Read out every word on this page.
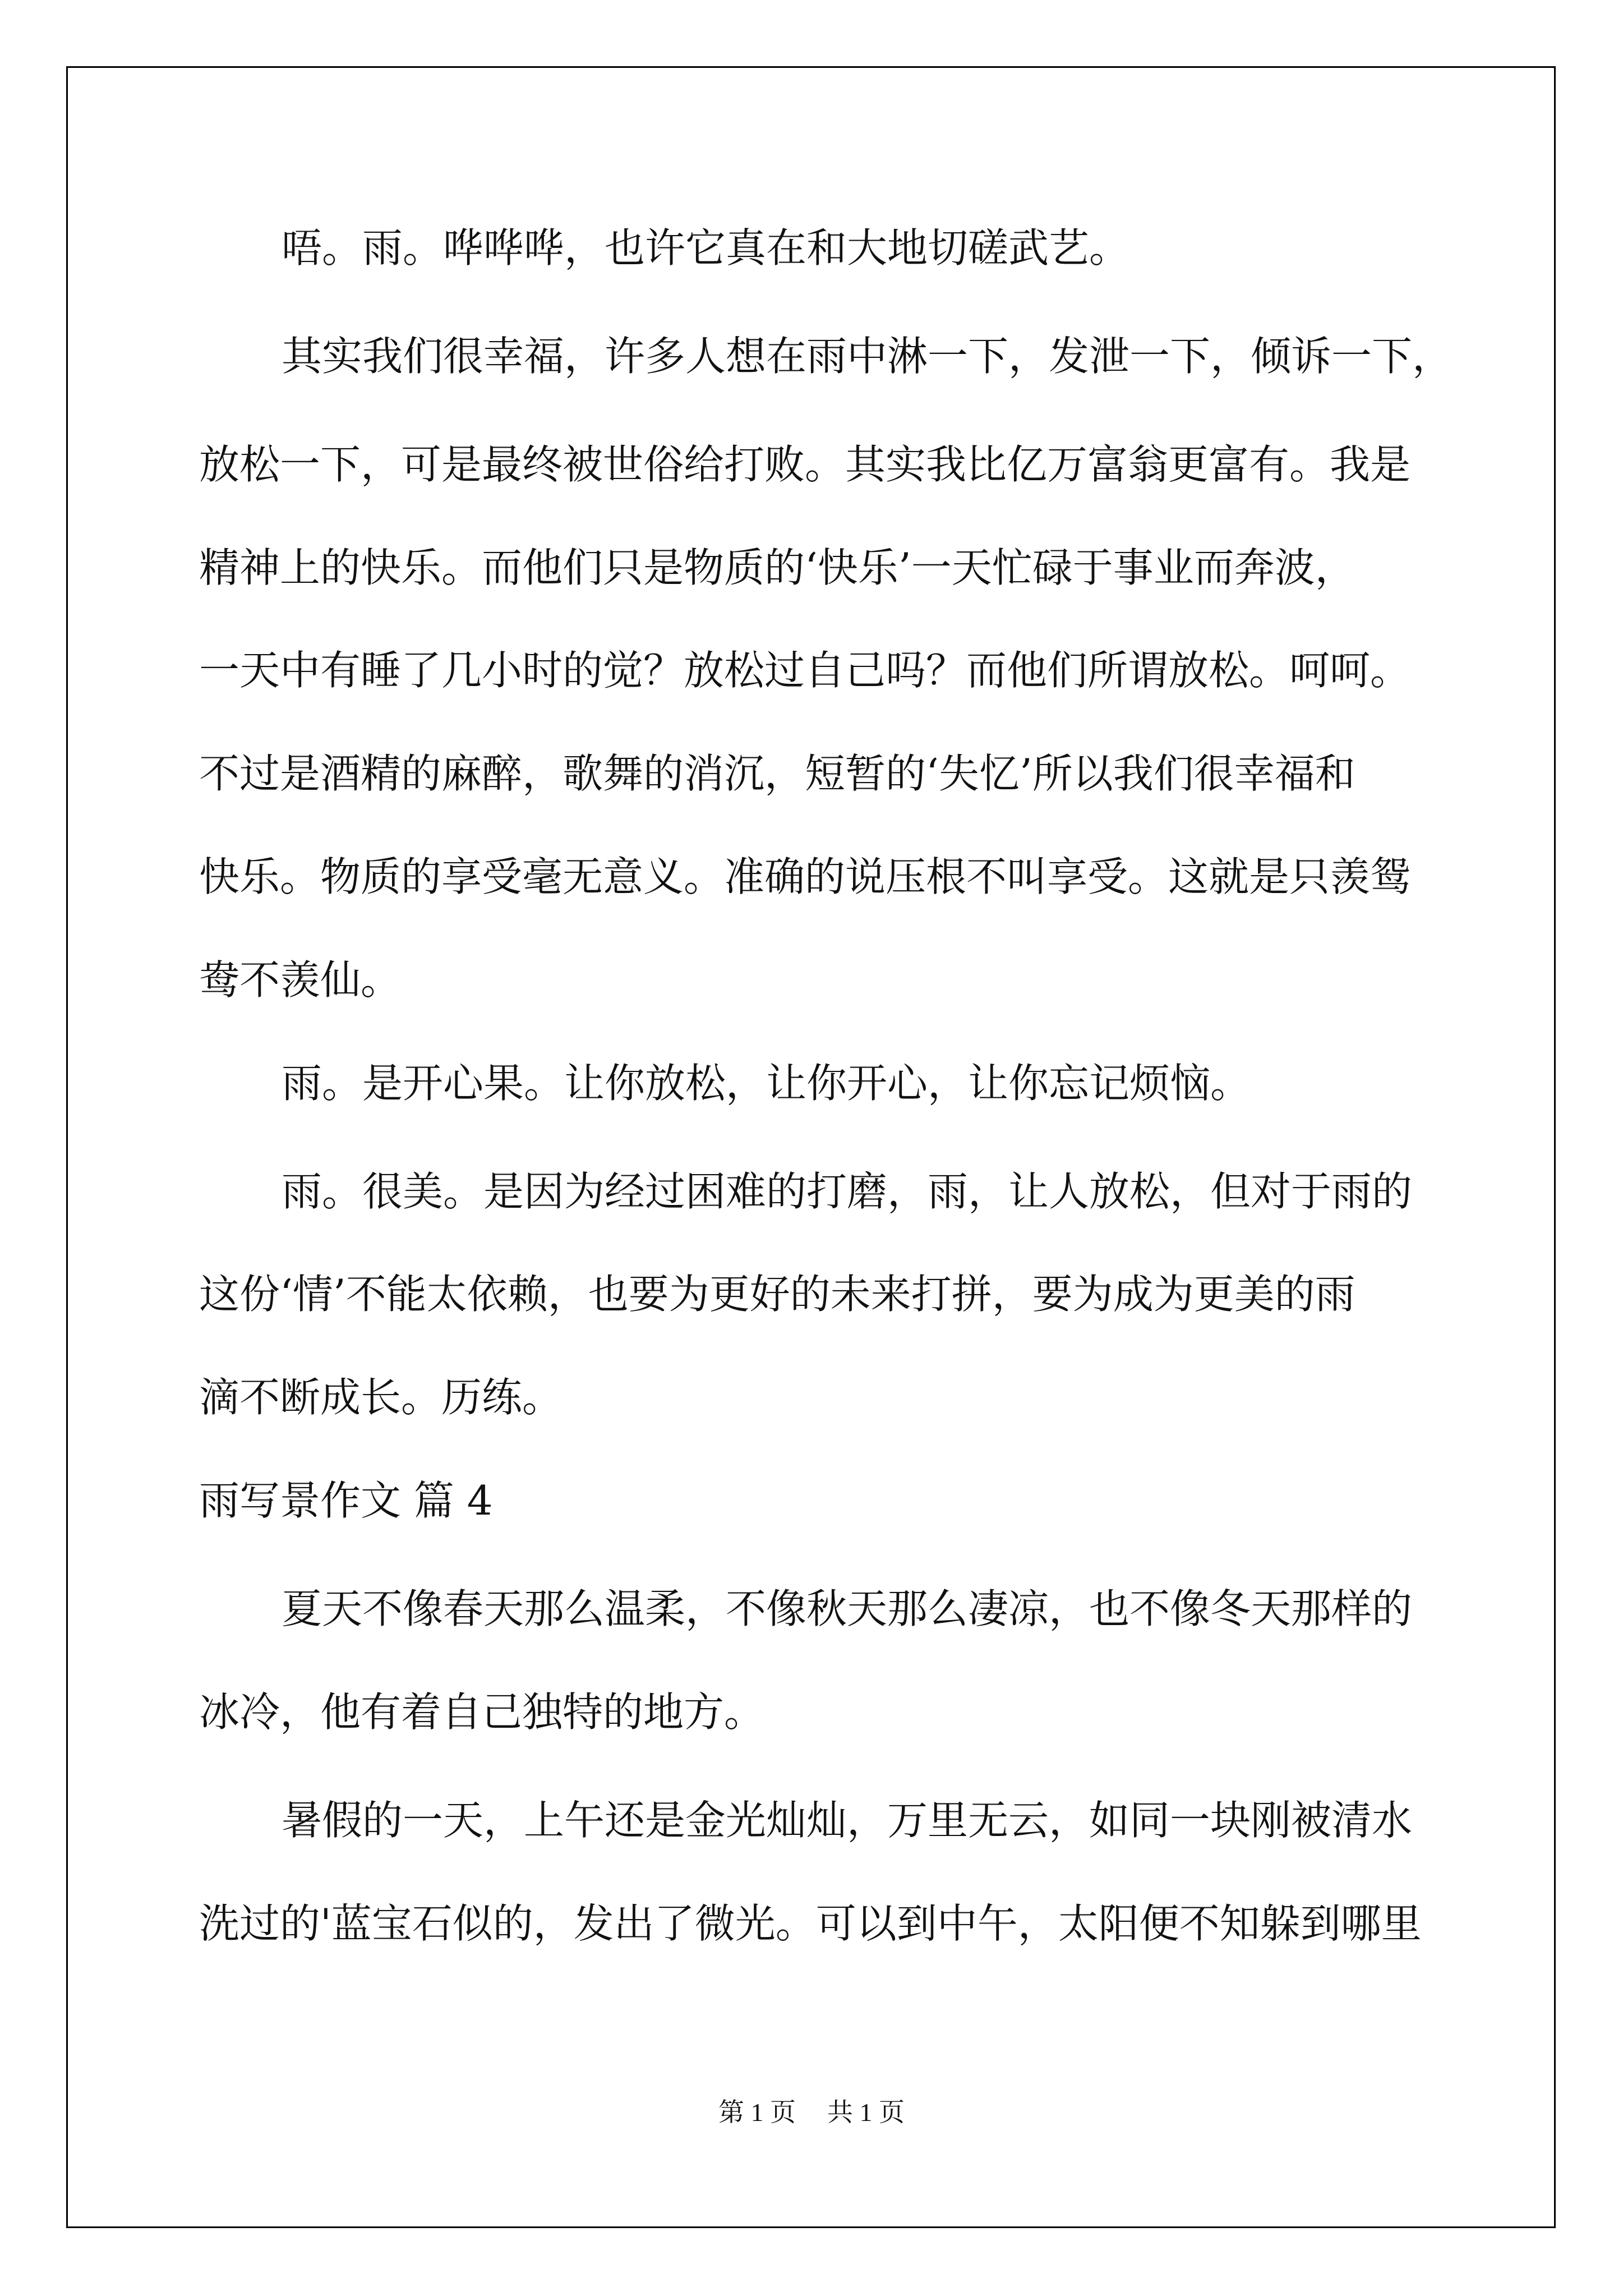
唔。雨。哗哗哗，也许它真在和大地切磋武艺。

其实我们很幸福，许多人想在雨中淋一下，发泄一下，倾诉一下，

放松一下，可是最终被世俗给打败。其实我比亿万富翁更富有。我是

精神上的快乐。而他们只是物质的‘快乐’一天忙碌于事业而奔波，

一天中有睡了几小时的觉？放松过自己吗？而他们所谓放松。呵呵。

不过是酒精的麻醉，歌舞的消沉，短暂的‘失忆’所以我们很幸福和

快乐。物质的享受毫无意义。准确的说压根不叫享受。这就是只羡鸳

鸯不羡仙。

雨。是开心果。让你放松，让你开心，让你忘记烦恼。

雨。很美。是因为经过困难的打磨，雨，让人放松，但对于雨的

这份‘情’不能太依赖，也要为更好的未来打拼，要为成为更美的雨

滴不断成长。历练。

雨写景作文 篇 4

夏天不像春天那么温柔，不像秋天那么凄凉，也不像冬天那样的

冰冷，他有着自己独特的地方。

暑假的一天，上午还是金光灿灿，万里无云，如同一块刚被清水

洗过的'蓝宝石似的，发出了微光。可以到中午，太阳便不知躲到哪里

第 1 页 共 1 页
